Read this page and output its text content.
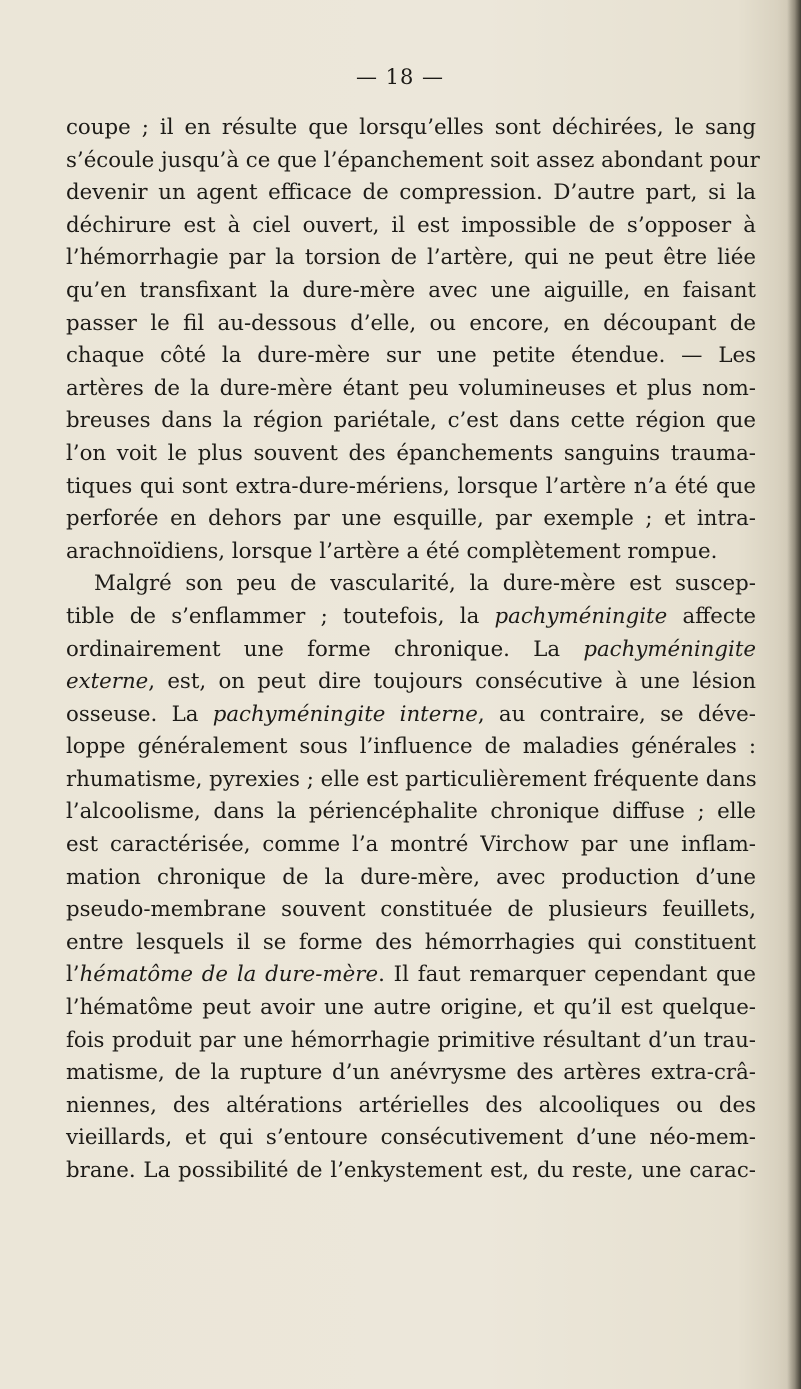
— 18 —
coupe ; il en résulte que lorsqu’elles sont déchirées, le sang
s’écoule jusqu’à ce que l’épanchement soit assez abondant pour
devenir un agent efficace de compression. D’autre part, si la
déchirure est à ciel ouvert, il est impossible de s’opposer à
l’hémorrhagie par la torsion de l’artère, qui ne peut être liée
qu’en transfixant la dure-mère avec une aiguille, en faisant
passer le fil au-dessous d’elle, ou encore, en découpant de
chaque côté la dure-mère sur une petite étendue. — Les
artères de la dure-mère étant peu volumineuses et plus nom-
breuses dans la région pariétale, c’est dans cette région que
l’on voit le plus souvent des épanchements sanguins trauma-
tiques qui sont extra-dure-mériens, lorsque l’artère n’a été que
perforée en dehors par une esquille, par exemple ; et intra-
arachnoïdiens, lorsque l’artère a été complètement rompue.
Malgré son peu de vascularité, la dure-mère est suscep-
tible de s’enflammer ; toutefois, la pachyméningite affecte
ordinairement une forme chronique. La pachyméningite
externe, est, on peut dire toujours consécutive à une lésion
osseuse. La pachyméningite interne, au contraire, se déve-
loppe généralement sous l’influence de maladies générales :
rhumatisme, pyrexies ; elle est particulièrement fréquente dans
l’alcoolisme, dans la périencéphalite chronique diffuse ; elle
est caractérisée, comme l’a montré Virchow par une inflam-
mation chronique de la dure-mère, avec production d’une
pseudo-membrane souvent constituée de plusieurs feuillets,
entre lesquels il se forme des hémorrhagies qui constituent
l’hématôme de la dure-mère. Il faut remarquer cependant que
l’hématôme peut avoir une autre origine, et qu’il est quelque-
fois produit par une hémorrhagie primitive résultant d’un trau-
matisme, de la rupture d’un anévrysme des artères extra-crâ-
niennes, des altérations artérielles des alcooliques ou des
vieillards, et qui s’entoure consécutivement d’une néo-mem-
brane. La possibilité de l’enkystement est, du reste, une carac-
